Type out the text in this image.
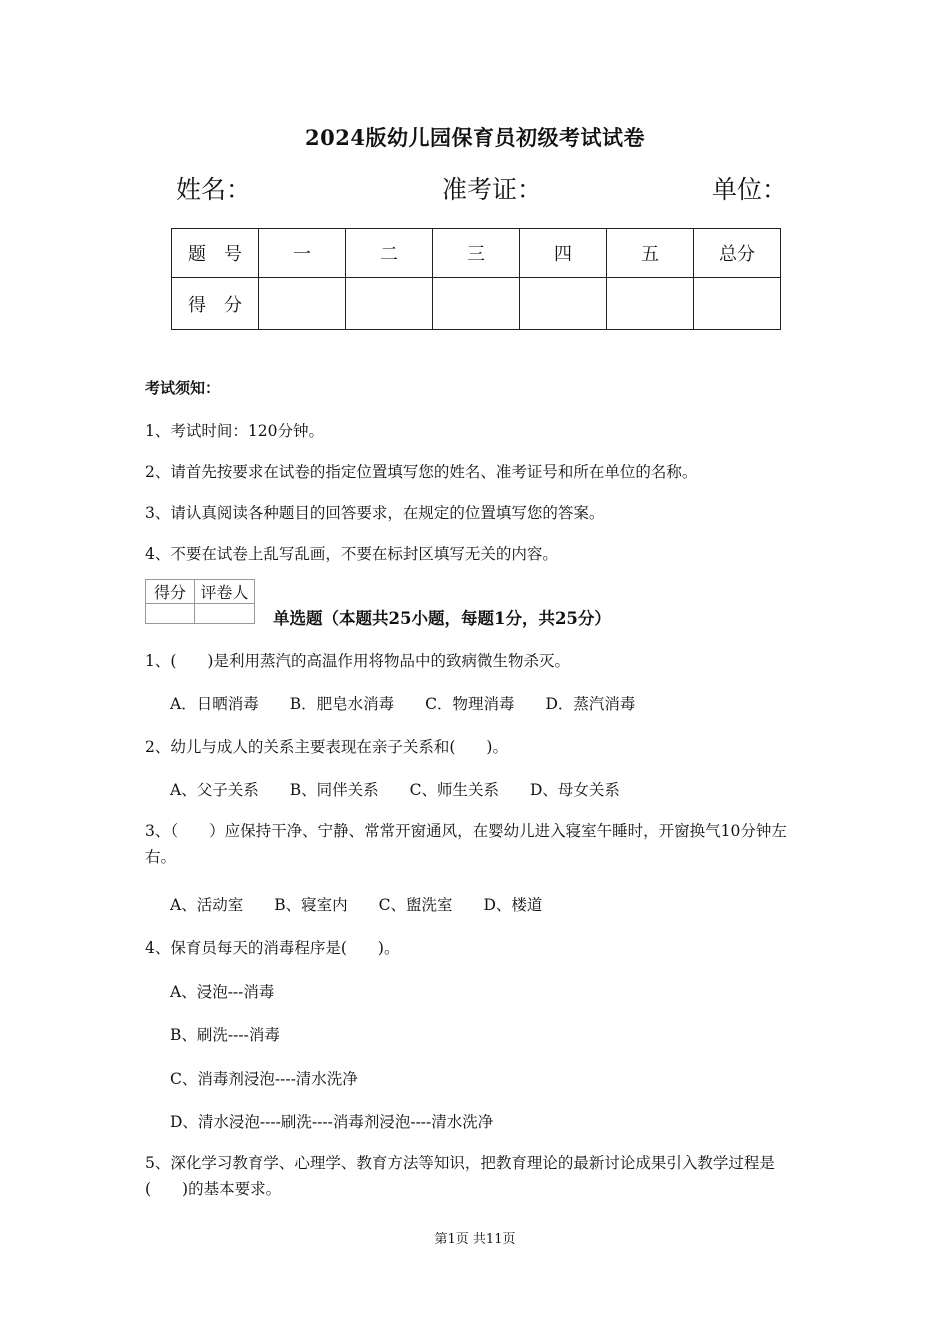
2024版幼儿园保育员初级考试试卷
姓名：	准考证：	单位：
题　号	一	二	三	四	五	总分
得　分						
考试须知：
1、考试时间：120分钟。
2、请首先按要求在试卷的指定位置填写您的姓名、准考证号和所在单位的名称。
3、请认真阅读各种题目的回答要求，在规定的位置填写您的答案。
4、不要在试卷上乱写乱画，不要在标封区填写无关的内容。
得分	评卷人

单选题（本题共25小题，每题1分，共25分）
1、(　　)是利用蒸汽的高温作用将物品中的致病微生物杀灭。
A．日晒消毒　　B．肥皂水消毒　　C．物理消毒　　D．蒸汽消毒
2、幼儿与成人的关系主要表现在亲子关系和(　　)。
A、父子关系　　B、同伴关系　　C、师生关系　　D、母女关系
3、（　　）应保持干净、宁静、常常开窗通风，在婴幼儿进入寝室午睡时，开窗换气10分钟左右。
A、活动室　　B、寝室内　　C、盥洗室　　D、楼道
4、保育员每天的消毒程序是(　　)。
A、浸泡---消毒
B、刷洗----消毒
C、消毒剂浸泡----清水洗净
D、清水浸泡----刷洗----消毒剂浸泡----清水洗净
5、深化学习教育学、心理学、教育方法等知识，把教育理论的最新讨论成果引入教学过程是(　　)的基本要求。
第1页 共11页
